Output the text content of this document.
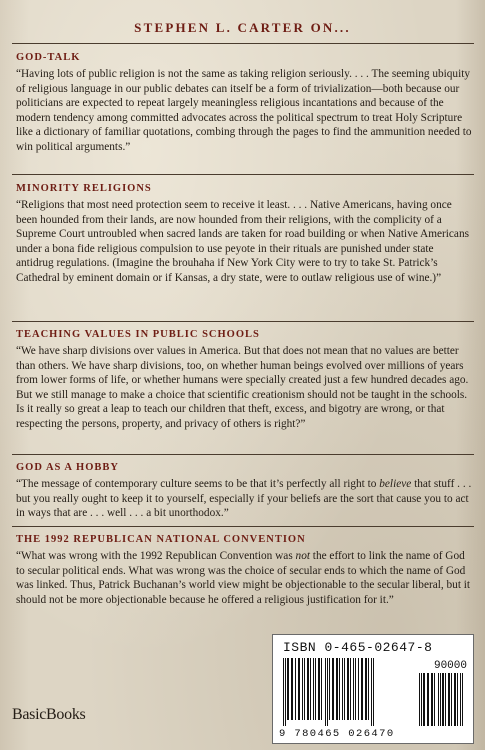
STEPHEN L. CARTER ON...

GOD-TALK

“Having lots of public religion is not the same as taking religion seriously. . . . The seeming ubiquity of religious language in our public debates can itself be a form of trivialization—both because our politicians are expected to repeat largely meaningless religious incantations and because of the modern tendency among committed advocates across the political spectrum to treat Holy Scripture like a dictionary of familiar quotations, combing through the pages to find the ammunition needed to win political arguments.”

MINORITY RELIGIONS

“Religions that most need protection seem to receive it least. . . . Native Americans, having once been hounded from their lands, are now hounded from their religions, with the complicity of a Supreme Court untroubled when sacred lands are taken for road building or when Native Americans under a bona fide religious compulsion to use peyote in their rituals are punished under state antidrug regulations. (Imagine the brouhaha if New York City were to try to take St. Patrick’s Cathedral by eminent domain or if Kansas, a dry state, were to outlaw religious use of wine.)”

TEACHING VALUES IN PUBLIC SCHOOLS

“We have sharp divisions over values in America. But that does not mean that no values are better than others. We have sharp divisions, too, on whether human beings evolved over millions of years from lower forms of life, or whether humans were specially created just a few hundred decades ago. But we still manage to make a choice that scientific creationism should not be taught in the schools. Is it really so great a leap to teach our children that theft, excess, and bigotry are wrong, or that respecting the persons, property, and privacy of others is right?”

GOD AS A HOBBY

“The message of contemporary culture seems to be that it’s perfectly all right to believe that stuff . . . but you really ought to keep it to yourself, especially if your beliefs are the sort that cause you to act in ways that are . . . well . . . a bit unorthodox.”

THE 1992 REPUBLICAN NATIONAL CONVENTION

“What was wrong with the 1992 Republican Convention was not the effort to link the name of God to secular political ends. What was wrong was the choice of secular ends to which the name of God was linked. Thus, Patrick Buchanan’s world view might be objectionable to the secular liberal, but it should not be more objectionable because he offered a religious justification for it.”

BasicBooks
ISBN 0-465-02647-8
90000
9 780465 026470
